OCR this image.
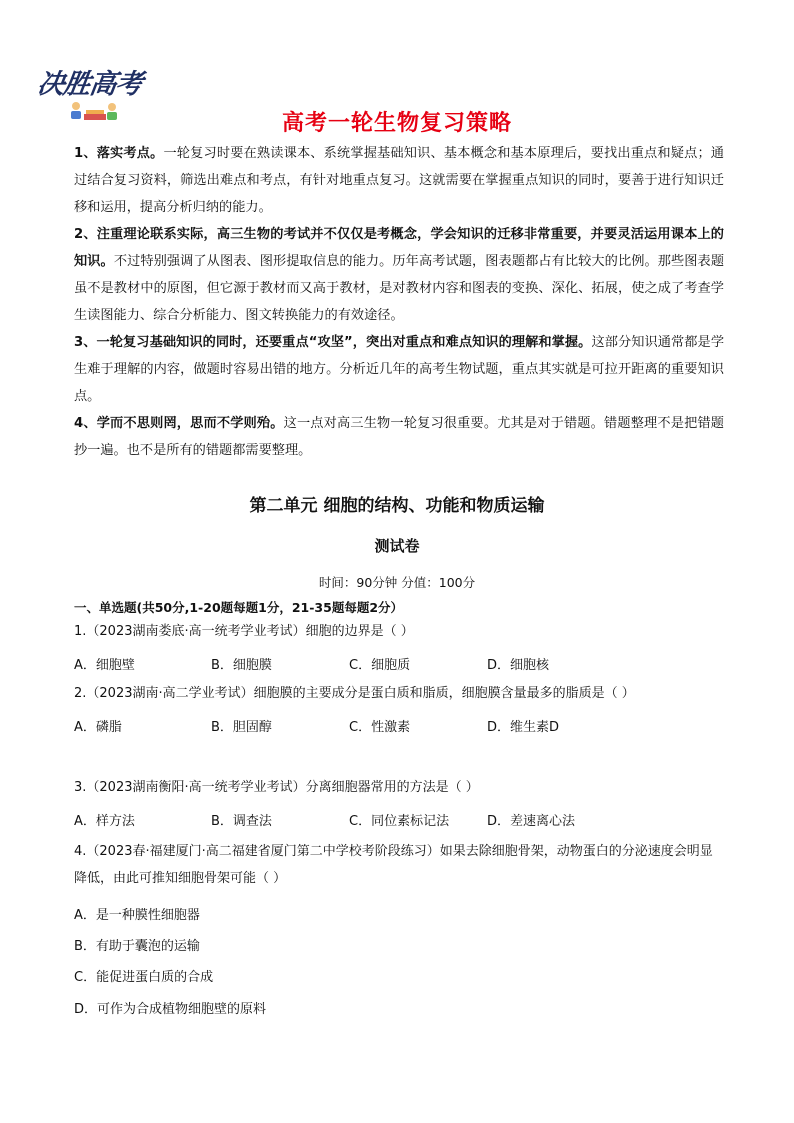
决胜高考
高考一轮生物复习策略

1、落实考点。一轮复习时要在熟读课本、系统掌握基础知识、基本概念和基本原理后，要找出重点和疑点；通过结合复习资料，筛选出难点和考点，有针对地重点复习。这就需要在掌握重点知识的同时，要善于进行知识迁移和运用，提高分析归纳的能力。

2、注重理论联系实际，高三生物的考试并不仅仅是考概念，学会知识的迁移非常重要，并要灵活运用课本上的知识。不过特别强调了从图表、图形提取信息的能力。历年高考试题，图表题都占有比较大的比例。那些图表题虽不是教材中的原图，但它源于教材而又高于教材，是对教材内容和图表的变换、深化、拓展，使之成了考查学生读图能力、综合分析能力、图文转换能力的有效途径。

3、一轮复习基础知识的同时，还要重点“攻坚”，突出对重点和难点知识的理解和掌握。这部分知识通常都是学生难于理解的内容，做题时容易出错的地方。分析近几年的高考生物试题，重点其实就是可拉开距离的重要知识点。

4、学而不思则罔，思而不学则殆。这一点对高三生物一轮复习很重要。尤其是对于错题。错题整理不是把错题抄一遍。也不是所有的错题都需要整理。

第二单元 细胞的结构、功能和物质运输
测试卷
时间：90分钟 分值：100分
一、单选题(共50分,1-20题每题1分，21-35题每题2分）
1.（2023湖南娄底·高一统考学业考试）细胞的边界是（ ）
A．细胞壁	B．细胞膜	C．细胞质	D．细胞核
2.（2023湖南·高二学业考试）细胞膜的主要成分是蛋白质和脂质，细胞膜含量最多的脂质是（ ）
A．磷脂	B．胆固醇	C．性激素	D．维生素D
3.（2023湖南衡阳·高一统考学业考试）分离细胞器常用的方法是（ ）
A．样方法	B．调查法	C．同位素标记法	D．差速离心法
4.（2023春·福建厦门·高二福建省厦门第二中学校考阶段练习）如果去除细胞骨架，动物蛋白的分泌速度会明显降低，由此可推知细胞骨架可能（ ）
A．是一种膜性细胞器
B．有助于囊泡的运输
C．能促进蛋白质的合成
D．可作为合成植物细胞壁的原料
